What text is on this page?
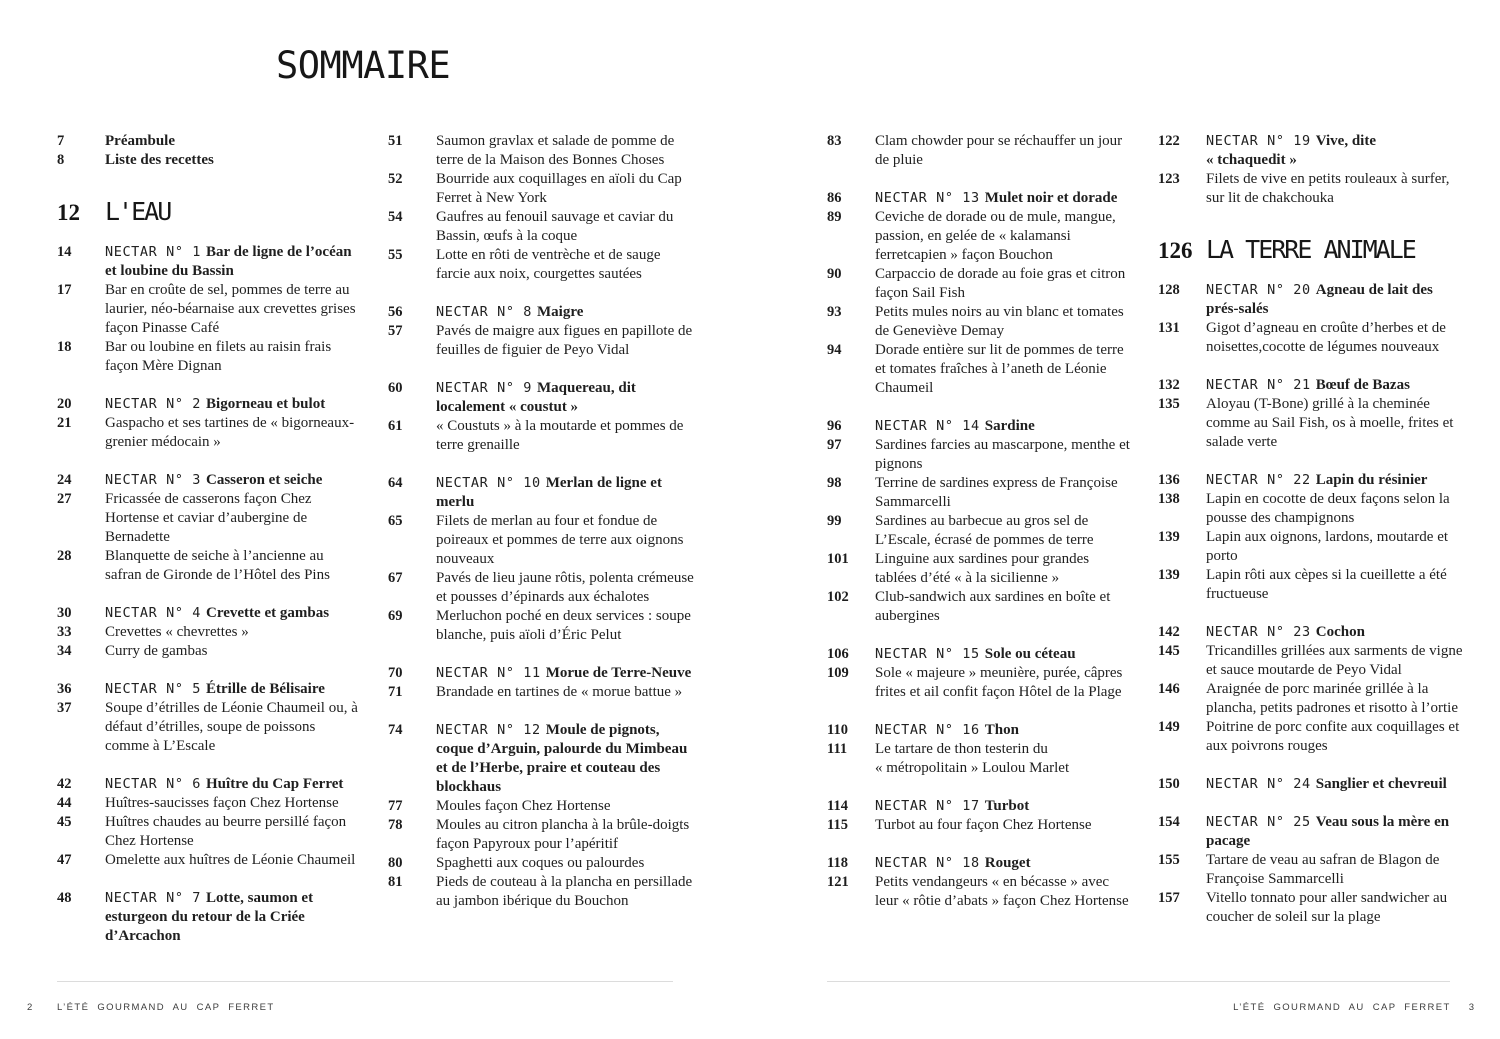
SOMMAIRE
7	Préambule
8	Liste des recettes
12	L'EAU
14	NECTAR N° 1 Bar de ligne de l’océan et loubine du Bassin
17	Bar en croûte de sel, pommes de terre au laurier, néo-béarnaise aux crevettes grises façon Pinasse Café
18	Bar ou loubine en filets au raisin frais façon Mère Dignan
20	NECTAR N° 2 Bigorneau et bulot
21	Gaspacho et ses tartines de « bigorneaux-grenier médocain »
24	NECTAR N° 3 Casseron et seiche
27	Fricassée de casserons façon Chez Hortense et caviar d’aubergine de Bernadette
28	Blanquette de seiche à l’ancienne au safran de Gironde de l’Hôtel des Pins
30	NECTAR N° 4 Crevette et gambas
33	Crevettes « chevrettes »
34	Curry de gambas
36	NECTAR N° 5 Étrille de Bélisaire
37	Soupe d’étrilles de Léonie Chaumeil ou, à défaut d’étrilles, soupe de poissons comme à L’Escale
42	NECTAR N° 6 Huître du Cap Ferret
44	Huîtres-saucisses façon Chez Hortense
45	Huîtres chaudes au beurre persillé façon Chez Hortense
47	Omelette aux huîtres de Léonie Chaumeil
48	NECTAR N° 7 Lotte, saumon et esturgeon du retour de la Criée d’Arcachon
51	Saumon gravlax et salade de pomme de terre de la Maison des Bonnes Choses
52	Bourride aux coquillages en aïoli du Cap Ferret à New York
54	Gaufres au fenouil sauvage et caviar du Bassin, œufs à la coque
55	Lotte en rôti de ventrèche et de sauge farcie aux noix, courgettes sautées
56	NECTAR N° 8 Maigre
57	Pavés de maigre aux figues en papillote de feuilles de figuier de Peyo Vidal
60	NECTAR N° 9 Maquereau, dit localement « coustut »
61	« Coustuts » à la moutarde et pommes de terre grenaille
64	NECTAR N° 10 Merlan de ligne et merlu
65	Filets de merlan au four et fondue de poireaux et pommes de terre aux oignons nouveaux
67	Pavés de lieu jaune rôtis, polenta crémeuse et pousses d’épinards aux échalotes
69	Merluchon poché en deux services : soupe blanche, puis aïoli d’Éric Pelut
70	NECTAR N° 11 Morue de Terre-Neuve
71	Brandade en tartines de « morue battue »
74	NECTAR N° 12 Moule de pignots, coque d’Arguin, palourde du Mimbeau et de l’Herbe, praire et couteau des blockhaus
77	Moules façon Chez Hortense
78	Moules au citron plancha à la brûle-doigts façon Papyroux pour l’apéritif
80	Spaghetti aux coques ou palourdes
81	Pieds de couteau à la plancha en persillade au jambon ibérique du Bouchon
83	Clam chowder pour se réchauffer un jour de pluie
86	NECTAR N° 13 Mulet noir et dorade
89	Ceviche de dorade ou de mule, mangue, passion, en gelée de « kalamansi ferretcapien » façon Bouchon
90	Carpaccio de dorade au foie gras et citron façon Sail Fish
93	Petits mules noirs au vin blanc et tomates de Geneviève Demay
94	Dorade entière sur lit de pommes de terre et tomates fraîches à l’aneth de Léonie Chaumeil
96	NECTAR N° 14 Sardine
97	Sardines farcies au mascarpone, menthe et pignons
98	Terrine de sardines express de Françoise Sammarcelli
99	Sardines au barbecue au gros sel de L’Escale, écrasé de pommes de terre
101	Linguine aux sardines pour grandes tablées d’été « à la sicilienne »
102	Club-sandwich aux sardines en boîte et aubergines
106	NECTAR N° 15 Sole ou céteau
109	Sole « majeure » meunière, purée, câpres frites et ail confit façon Hôtel de la Plage
110	NECTAR N° 16 Thon
111	Le tartare de thon testerin du « métropolitain » Loulou Marlet
114	NECTAR N° 17 Turbot
115	Turbot au four façon Chez Hortense
118	NECTAR N° 18 Rouget
121	Petits vendangeurs « en bécasse » avec leur « rôtie d’abats » façon Chez Hortense
122	NECTAR N° 19 Vive, dite « tchaquedit »
123	Filets de vive en petits rouleaux à surfer, sur lit de chakchouka
126 LA TERRE ANIMALE
128	NECTAR N° 20 Agneau de lait des prés-salés
131	Gigot d’agneau en croûte d’herbes et de noisettes,cocotte de légumes nouveaux
132	NECTAR N° 21 Bœuf de Bazas
135	Aloyau (T-Bone) grillé à la cheminée comme au Sail Fish, os à moelle, frites et salade verte
136	NECTAR N° 22 Lapin du résinier
138	Lapin en cocotte de deux façons selon la pousse des champignons
139	Lapin aux oignons, lardons, moutarde et porto
139	Lapin rôti aux cèpes si la cueillette a été fructueuse
142	NECTAR N° 23 Cochon
145	Tricandilles grillées aux sarments de vigne et sauce moutarde de Peyo Vidal
146	Araignée de porc marinée grillée à la plancha, petits padrones et risotto à l’ortie
149	Poitrine de porc confite aux coquillages et aux poivrons rouges
150	NECTAR N° 24 Sanglier et chevreuil
154	NECTAR N° 25 Veau sous la mère en pacage
155	Tartare de veau au safran de Blagon de Françoise Sammarcelli
157	Vitello tonnato pour aller sandwicher au coucher de soleil sur la plage
2	L’ÉTÉ GOURMAND AU CAP FERRET	L’ÉTÉ GOURMAND AU CAP FERRET 3
